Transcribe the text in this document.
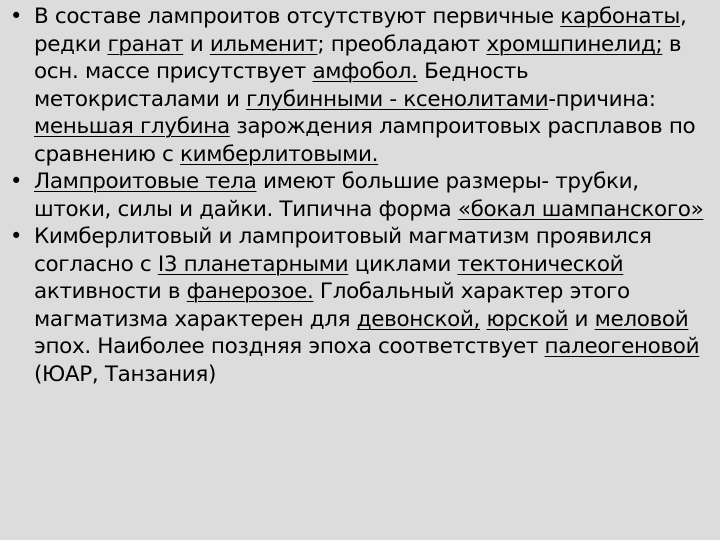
• В составе лампроитов отсутствуют первичные карбонаты, редки гранат и ильменит; преобладают хромшпинелид; в осн. массе присутствует амфобол. Бедность метокристалами и глубинными - ксенолитами-причина: меньшая глубина зарождения лампроитовых расплавов по сравнению с кимберлитовыми.
• Лампроитовые тела имеют большие размеры- трубки, штоки, силы и дайки. Типична форма «бокал шампанского»
• Кимберлитовый и лампроитовый магматизм проявился согласно с I3 планетарными циклами тектонической активности в фанерозое. Глобальный характер этого магматизма характерен для девонской, юрской и меловой эпох. Наиболее поздняя эпоха соответствует палеогеновой (ЮАР, Танзания)
